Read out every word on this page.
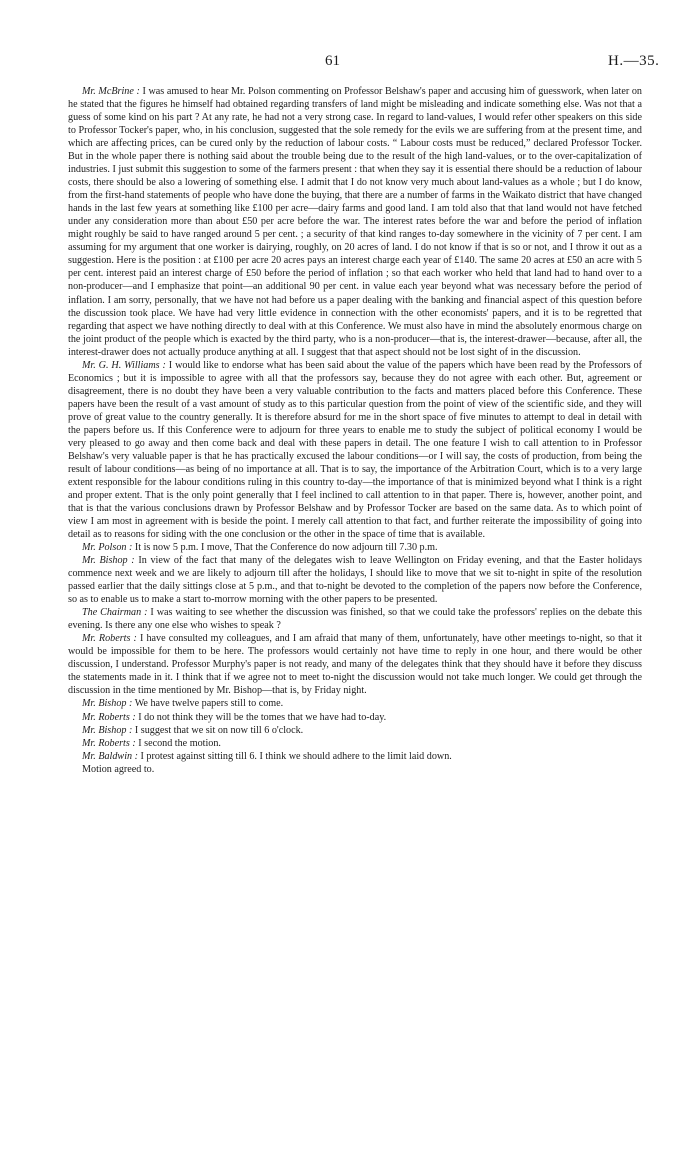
61	H.—35.

Mr. McBrine : I was amused to hear Mr. Polson commenting on Professor Belshaw's paper and accusing him of guesswork, when later on he stated that the figures he himself had obtained regarding transfers of land might be misleading and indicate something else. Was not that a guess of some kind on his part ? At any rate, he had not a very strong case. In regard to land-values, I would refer other speakers on this side to Professor Tocker's paper, who, in his conclusion, suggested that the sole remedy for the evils we are suffering from at the present time, and which are affecting prices, can be cured only by the reduction of labour costs. “ Labour costs must be reduced,” declared Professor Tocker. But in the whole paper there is nothing said about the trouble being due to the result of the high land-values, or to the over-capitalization of industries. I just submit this suggestion to some of the farmers present : that when they say it is essential there should be a reduction of labour costs, there should be also a lowering of something else. I admit that I do not know very much about land-values as a whole ; but I do know, from the first-hand statements of people who have done the buying, that there are a number of farms in the Waikato district that have changed hands in the last few years at something like £100 per acre—dairy farms and good land. I am told also that that land would not have fetched under any consideration more than about £50 per acre before the war. The interest rates before the war and before the period of inflation might roughly be said to have ranged around 5 per cent. ; a security of that kind ranges to-day somewhere in the vicinity of 7 per cent. I am assuming for my argument that one worker is dairying, roughly, on 20 acres of land. I do not know if that is so or not, and I throw it out as a suggestion. Here is the position : at £100 per acre 20 acres pays an interest charge each year of £140. The same 20 acres at £50 an acre with 5 per cent. interest paid an interest charge of £50 before the period of inflation ; so that each worker who held that land had to hand over to a non-producer—and I emphasize that point—an additional 90 per cent. in value each year beyond what was necessary before the period of inflation. I am sorry, personally, that we have not had before us a paper dealing with the banking and financial aspect of this question before the discussion took place. We have had very little evidence in connection with the other economists' papers, and it is to be regretted that regarding that aspect we have nothing directly to deal with at this Conference. We must also have in mind the absolutely enormous charge on the joint product of the people which is exacted by the third party, who is a non-producer—that is, the interest-drawer—because, after all, the interest-drawer does not actually produce anything at all. I suggest that that aspect should not be lost sight of in the discussion.

Mr. G. H. Williams : I would like to endorse what has been said about the value of the papers which have been read by the Professors of Economics ; but it is impossible to agree with all that the professors say, because they do not agree with each other. But, agreement or disagreement, there is no doubt they have been a very valuable contribution to the facts and matters placed before this Conference. These papers have been the result of a vast amount of study as to this particular question from the point of view of the scientific side, and they will prove of great value to the country generally. It is therefore absurd for me in the short space of five minutes to attempt to deal in detail with the papers before us. If this Conference were to adjourn for three years to enable me to study the subject of political economy I would be very pleased to go away and then come back and deal with these papers in detail. The one feature I wish to call attention to in Professor Belshaw's very valuable paper is that he has practically excused the labour conditions—or I will say, the costs of production, from being the result of labour conditions—as being of no importance at all. That is to say, the importance of the Arbitration Court, which is to a very large extent responsible for the labour conditions ruling in this country to-day—the importance of that is minimized beyond what I think is a right and proper extent. That is the only point generally that I feel inclined to call attention to in that paper. There is, however, another point, and that is that the various conclusions drawn by Professor Belshaw and by Professor Tocker are based on the same data. As to which point of view I am most in agreement with is beside the point. I merely call attention to that fact, and further reiterate the impossibility of going into detail as to reasons for siding with the one conclusion or the other in the space of time that is available.

Mr. Polson : It is now 5 p.m. I move, That the Conference do now adjourn till 7.30 p.m.

Mr. Bishop : In view of the fact that many of the delegates wish to leave Wellington on Friday evening, and that the Easter holidays commence next week and we are likely to adjourn till after the holidays, I should like to move that we sit to-night in spite of the resolution passed earlier that the daily sittings close at 5 p.m., and that to-night be devoted to the completion of the papers now before the Conference, so as to enable us to make a start to-morrow morning with the other papers to be presented.

The Chairman : I was waiting to see whether the discussion was finished, so that we could take the professors' replies on the debate this evening. Is there any one else who wishes to speak ?

Mr. Roberts : I have consulted my colleagues, and I am afraid that many of them, unfortunately, have other meetings to-night, so that it would be impossible for them to be here. The professors would certainly not have time to reply in one hour, and there would be other discussion, I understand. Professor Murphy's paper is not ready, and many of the delegates think that they should have it before they discuss the statements made in it. I think that if we agree not to meet to-night the discussion would not take much longer. We could get through the discussion in the time mentioned by Mr. Bishop—that is, by Friday night.

Mr. Bishop : We have twelve papers still to come.

Mr. Roberts : I do not think they will be the tomes that we have had to-day.

Mr. Bishop : I suggest that we sit on now till 6 o'clock.

Mr. Roberts : I second the motion.

Mr. Baldwin : I protest against sitting till 6. I think we should adhere to the limit laid down.

Motion agreed to.
